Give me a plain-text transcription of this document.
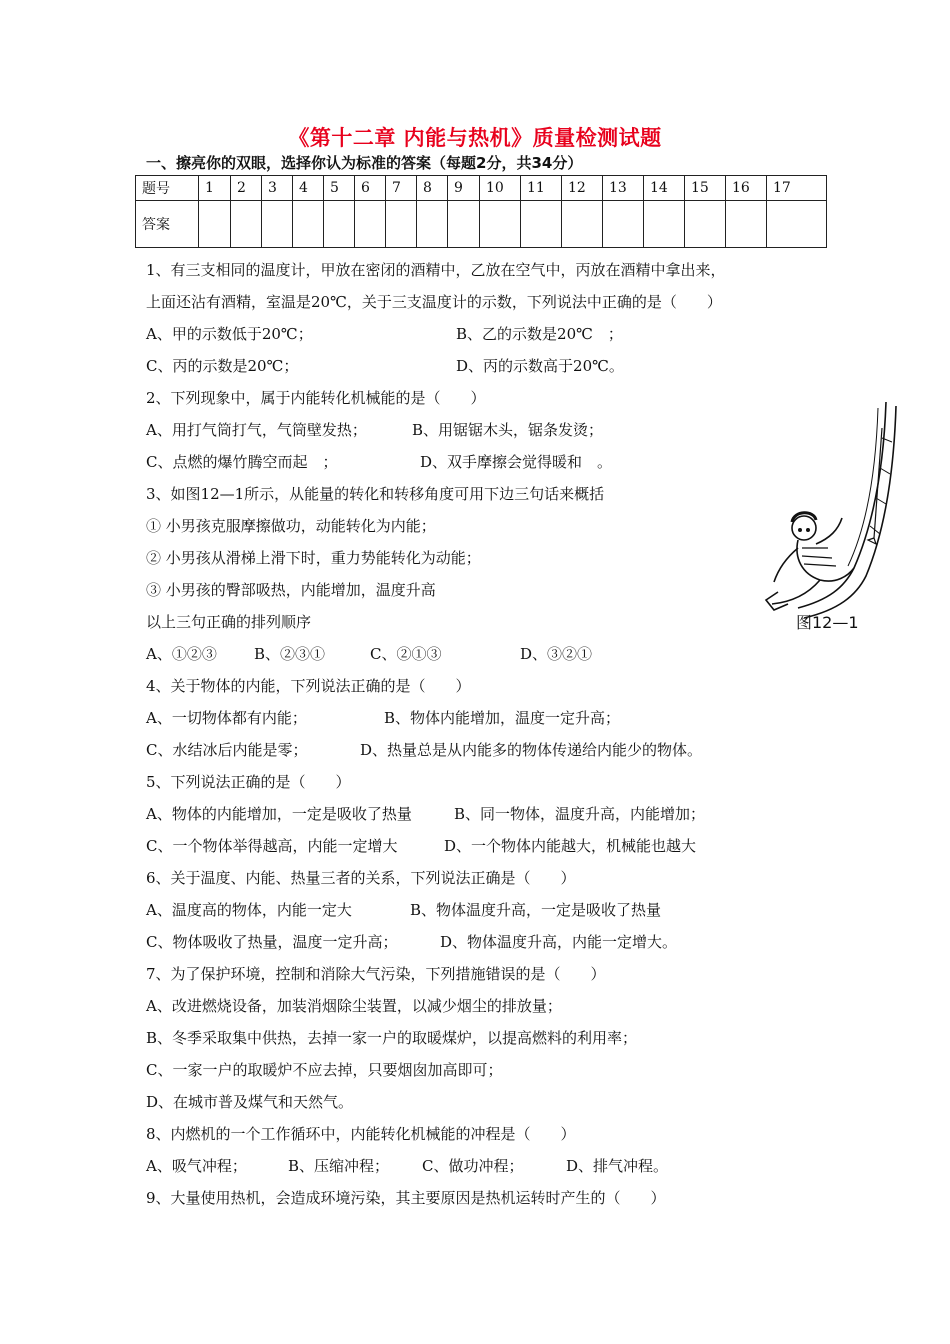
《第十二章 内能与热机》质量检测试题
一、擦亮你的双眼，选择你认为标准的答案（每题2分，共34分）
题号	1	2	3	4	5	6	7	8	9	10	11	12	13	14	15	16	17
答案																	
1、有三支相同的温度计，甲放在密闭的酒精中，乙放在空气中，丙放在酒精中拿出来，
上面还沾有酒精，室温是20℃，关于三支温度计的示数，下列说法中正确的是（　　）
A、甲的示数低于20℃；	B、乙的示数是20℃　；
C、丙的示数是20℃；	D、丙的示数高于20℃。
2、下列现象中，属于内能转化机械能的是（　　）
A、用打气筒打气，气筒壁发热；	B、用锯锯木头，锯条发烫；
C、点燃的爆竹腾空而起　；	D、双手摩擦会觉得暖和　。
3、如图12—1所示，从能量的转化和转移角度可用下边三句话来概括
① 小男孩克服摩擦做功，动能转化为内能；
② 小男孩从滑梯上滑下时，重力势能转化为动能；
③ 小男孩的臀部吸热，内能增加，温度升高
以上三句正确的排列顺序
A、①②③ B、②③①	C、②①③	D、③②①
图12—1
4、关于物体的内能，下列说法正确的是（　　）
A、一切物体都有内能；	B、物体内能增加，温度一定升高；
C、水结冰后内能是零；	D、热量总是从内能多的物体传递给内能少的物体。
5、下列说法正确的是（　　）
A、物体的内能增加，一定是吸收了热量	B、同一物体，温度升高，内能增加；
C、一个物体举得越高，内能一定增大	D、一个物体内能越大，机械能也越大
6、关于温度、内能、热量三者的关系，下列说法正确是（　　）
A、温度高的物体，内能一定大	B、物体温度升高，一定是吸收了热量
C、物体吸收了热量，温度一定升高；	D、物体温度升高，内能一定增大。
7、为了保护环境，控制和消除大气污染，下列措施错误的是（　　）
A、改进燃烧设备，加装消烟除尘装置，以减少烟尘的排放量；
B、冬季采取集中供热，去掉一家一户的取暖煤炉，以提高燃料的利用率；
C、一家一户的取暖炉不应去掉，只要烟囱加高即可；
D、在城市普及煤气和天然气。
8、内燃机的一个工作循环中，内能转化机械能的冲程是（　　）
A、吸气冲程；	B、压缩冲程； C、做功冲程；	D、排气冲程。
9、大量使用热机，会造成环境污染，其主要原因是热机运转时产生的（　　）
